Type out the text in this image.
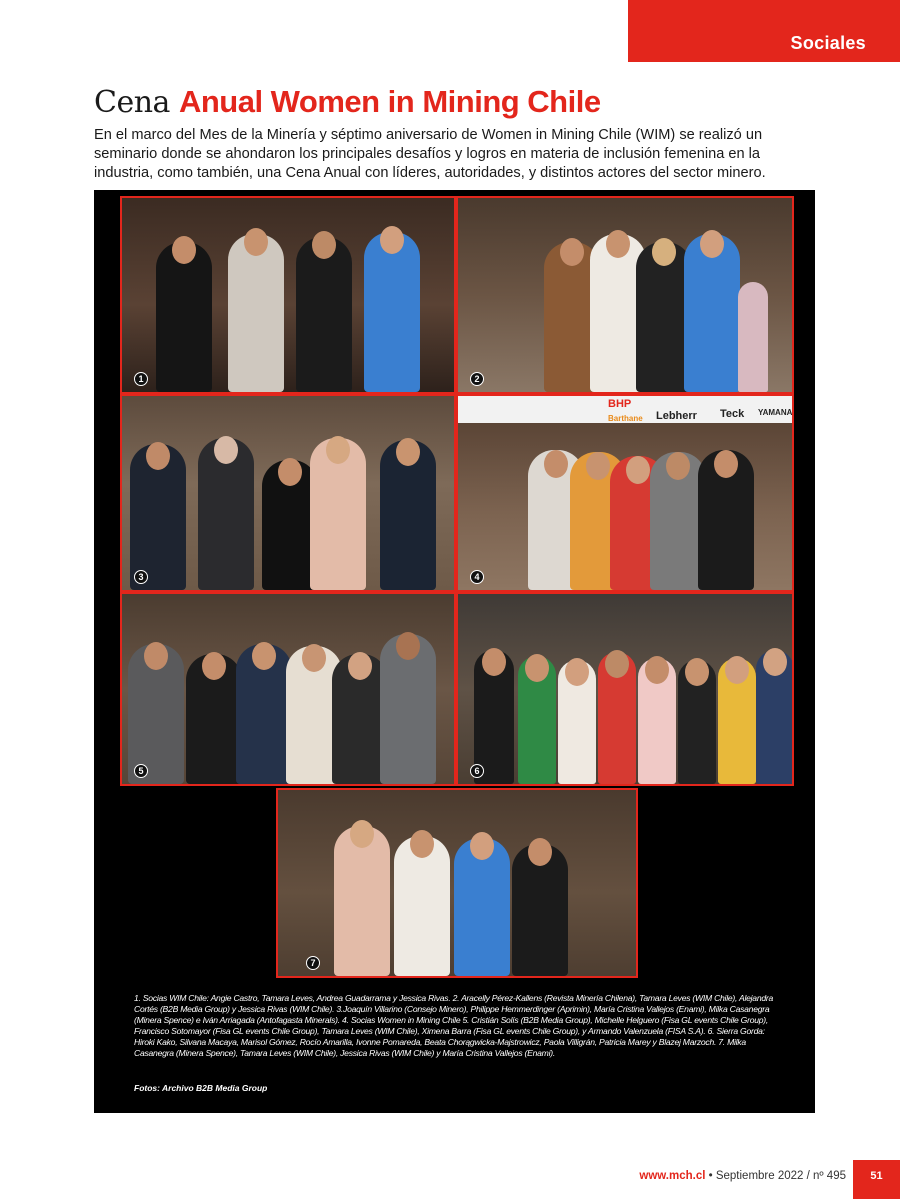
Sociales
Cena Anual Women in Mining Chile

En el marco del Mes de la Minería y séptimo aniversario de Women in Mining Chile (WIM) se realizó un seminario donde se ahondaron los principales desafíos y logros en materia de inclusión femenina en la industria, como también, una Cena Anual con líderes, autoridades, y distintos actores del sector minero.

1	2
3
BHP
Lebherr Teck YAMANA
Barthane
4
5	6
7

1. Socias WIM Chile: Angie Castro, Tamara Leves, Andrea Guadarrama y Jessica Rivas. 2. Aracelly Pérez-Kallens (Revista Minería Chilena), Tamara Leves (WIM Chile), Alejandra Cortés (B2B Media Group) y Jessica Rivas (WIM Chile). 3.Joaquín Villarino (Consejo Minero), Philippe Hemmerdinger (Aprimin), María Cristina Vallejos (Enami), Milka Casanegra (Minera Spence) e Iván Arriagada (Antofagasta Minerals). 4. Socias Women in Mining Chile 5. Cristián Solís (B2B Media Group), Michelle Helguero (Fisa GL events Chile Group), Francisco Sotomayor (Fisa GL events Chile Group), Tamara Leves (WIM Chile), Ximena Barra (Fisa GL events Chile Group), y Armando Valenzuela (FISA S.A). 6. Sierra Gorda: Hiroki Kako, Silvana Macaya, Marisol Gómez, Rocío Amarilla, Ivonne Pomareda, Beata Chorągwicka-Majstrowicz, Paola Villigrán, Patricia Marey y Blazej Marzoch. 7. Milka Casanegra (Minera Spence), Tamara Leves (WIM Chile), Jessica Rivas (WIM Chile) y María Cristina Vallejos (Enami).

Fotos: Archivo B2B Media Group

www.mch.cl • Septiembre 2022 / nº 495	51
